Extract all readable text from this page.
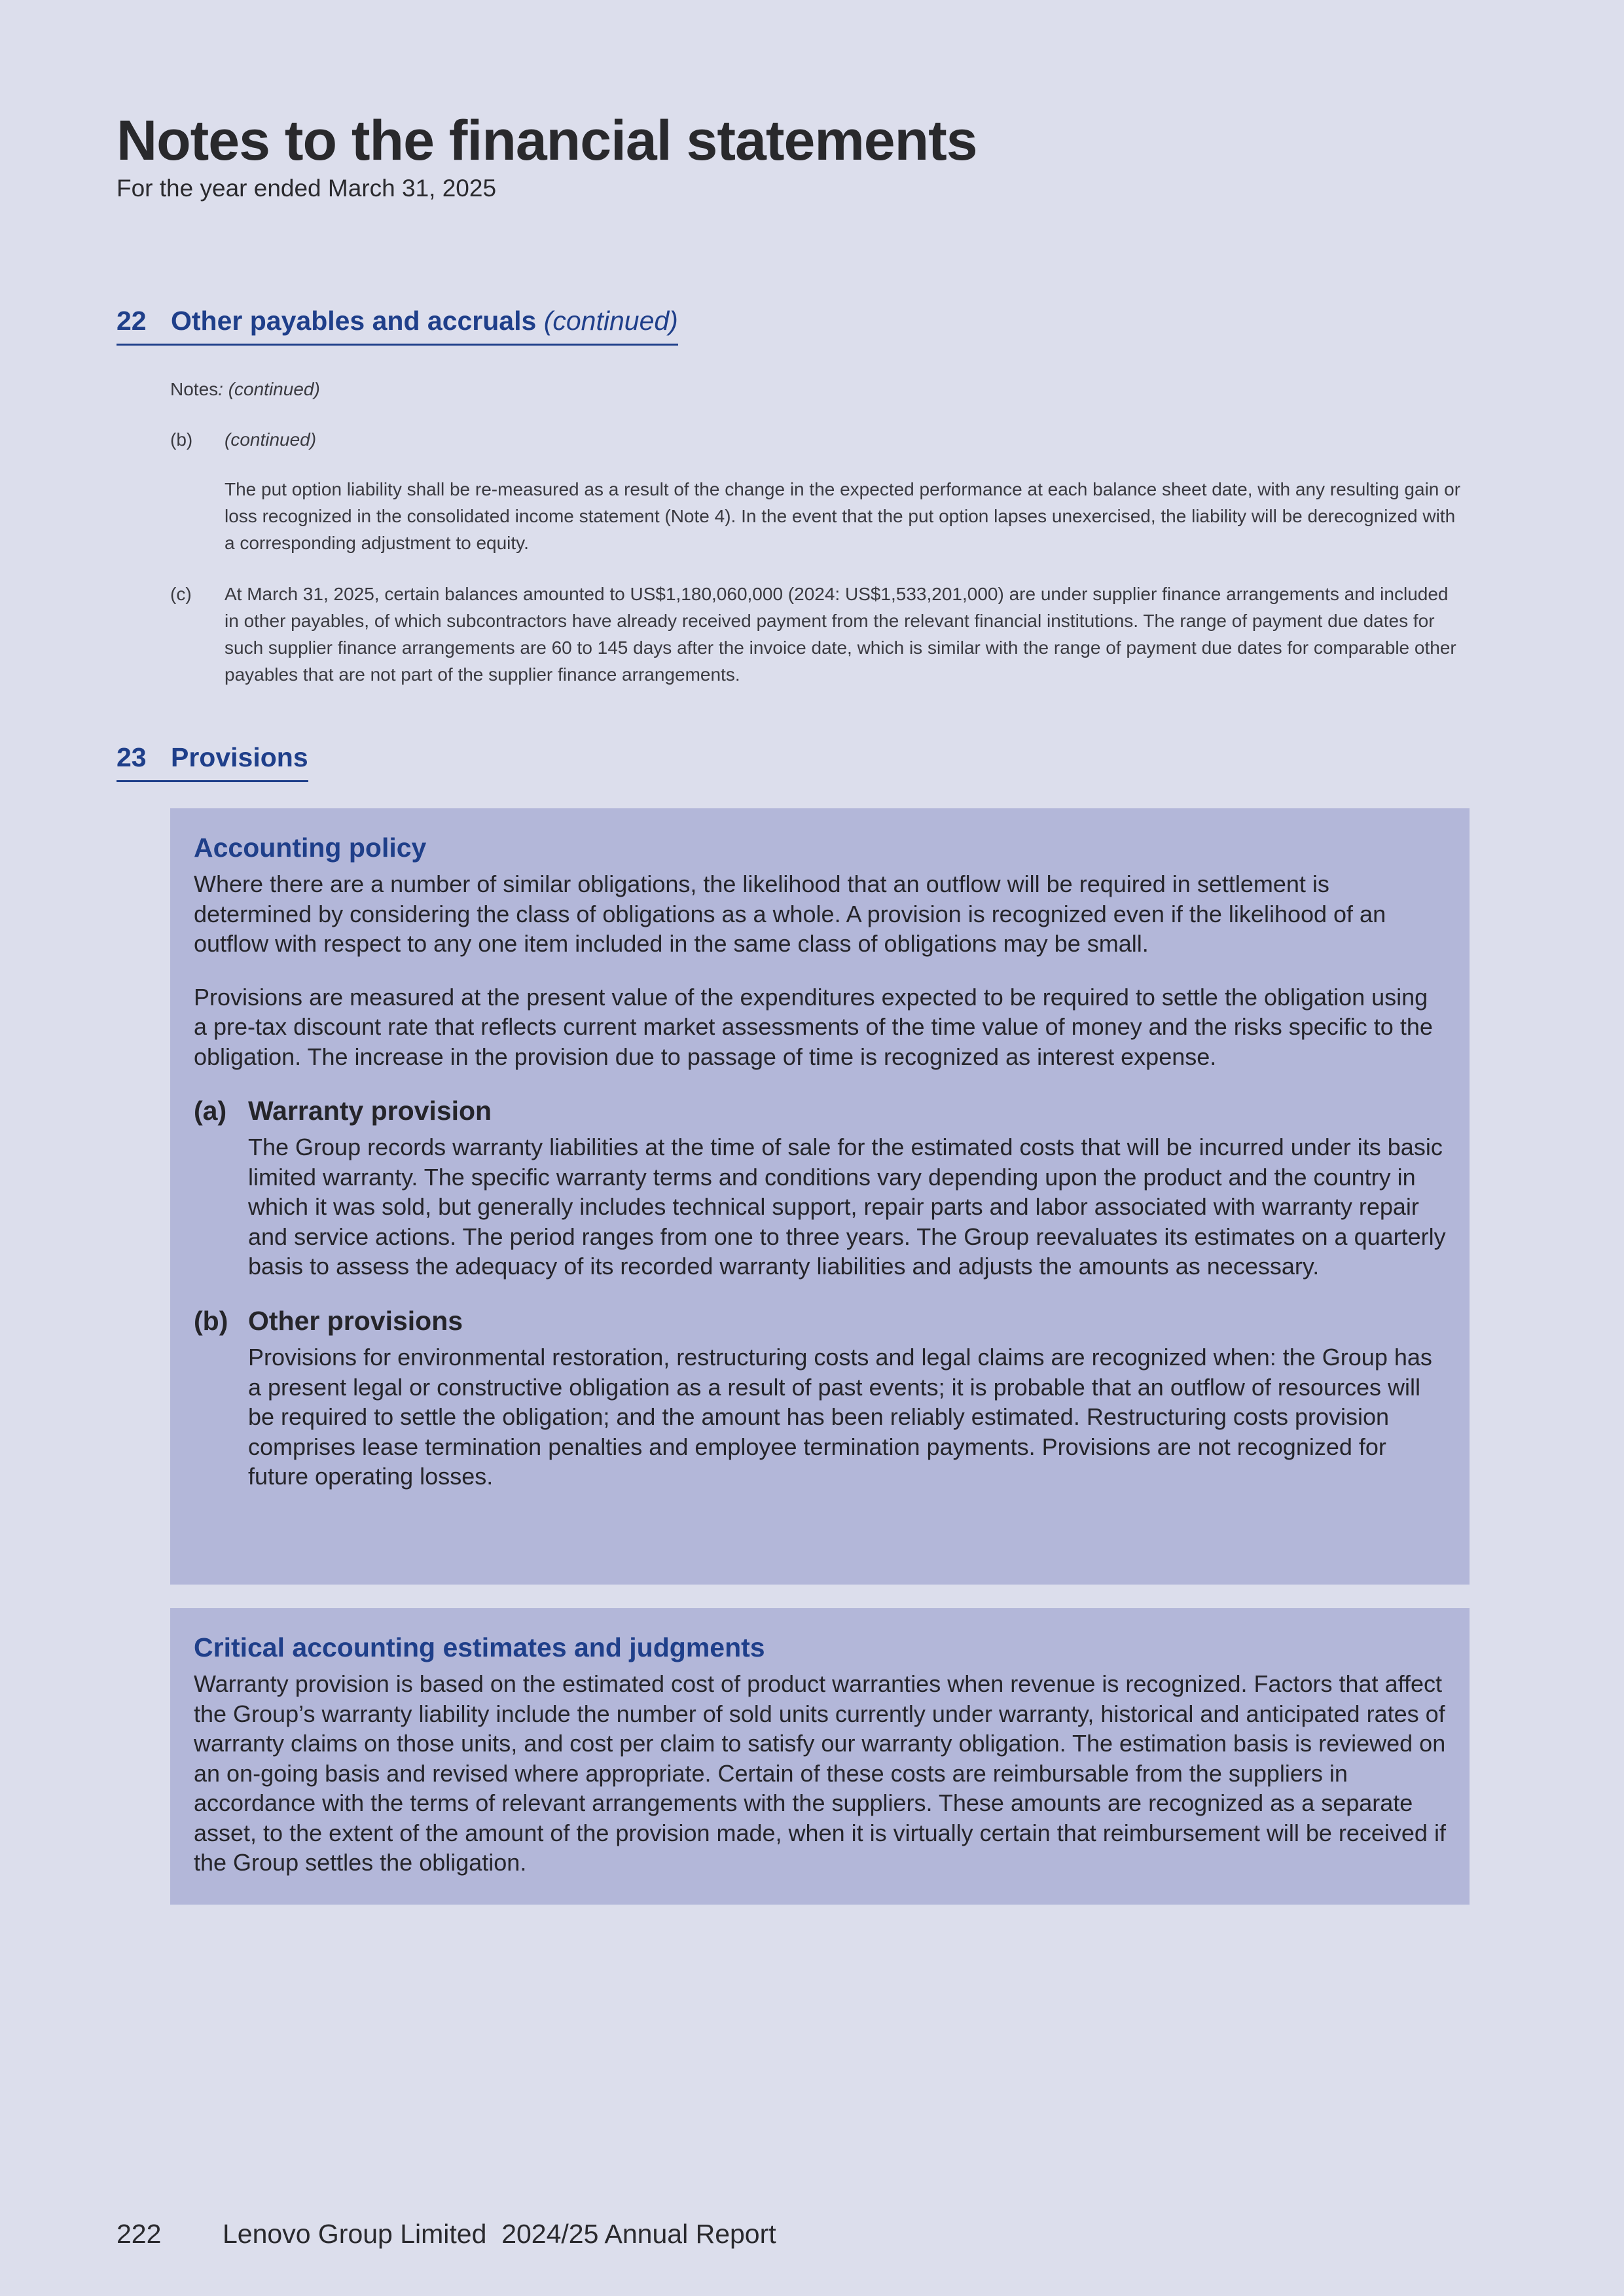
Notes to the financial statements
For the year ended March 31, 2025
22 Other payables and accruals (continued)
Notes: (continued)
(b) (continued)
The put option liability shall be re-measured as a result of the change in the expected performance at each balance sheet date, with any resulting gain or loss recognized in the consolidated income statement (Note 4). In the event that the put option lapses unexercised, the liability will be derecognized with a corresponding adjustment to equity.
(c) At March 31, 2025, certain balances amounted to US$1,180,060,000 (2024: US$1,533,201,000) are under supplier finance arrangements and included in other payables, of which subcontractors have already received payment from the relevant financial institutions. The range of payment due dates for such supplier finance arrangements are 60 to 145 days after the invoice date, which is similar with the range of payment due dates for comparable other payables that are not part of the supplier finance arrangements.
23 Provisions
Accounting policy

Where there are a number of similar obligations, the likelihood that an outflow will be required in settlement is determined by considering the class of obligations as a whole. A provision is recognized even if the likelihood of an outflow with respect to any one item included in the same class of obligations may be small.

Provisions are measured at the present value of the expenditures expected to be required to settle the obligation using a pre-tax discount rate that reflects current market assessments of the time value of money and the risks specific to the obligation. The increase in the provision due to passage of time is recognized as interest expense.

(a) Warranty provision

The Group records warranty liabilities at the time of sale for the estimated costs that will be incurred under its basic limited warranty. The specific warranty terms and conditions vary depending upon the product and the country in which it was sold, but generally includes technical support, repair parts and labor associated with warranty repair and service actions. The period ranges from one to three years. The Group reevaluates its estimates on a quarterly basis to assess the adequacy of its recorded warranty liabilities and adjusts the amounts as necessary.

(b) Other provisions

Provisions for environmental restoration, restructuring costs and legal claims are recognized when: the Group has a present legal or constructive obligation as a result of past events; it is probable that an outflow of resources will be required to settle the obligation; and the amount has been reliably estimated. Restructuring costs provision comprises lease termination penalties and employee termination payments. Provisions are not recognized for future operating losses.

Critical accounting estimates and judgments

Warranty provision is based on the estimated cost of product warranties when revenue is recognized. Factors that affect the Group’s warranty liability include the number of sold units currently under warranty, historical and anticipated rates of warranty claims on those units, and cost per claim to satisfy our warranty obligation. The estimation basis is reviewed on an on-going basis and revised where appropriate. Certain of these costs are reimbursable from the suppliers in accordance with the terms of relevant arrangements with the suppliers. These amounts are recognized as a separate asset, to the extent of the amount of the provision made, when it is virtually certain that reimbursement will be received if the Group settles the obligation.

222 Lenovo Group Limited  2024/25 Annual Report
